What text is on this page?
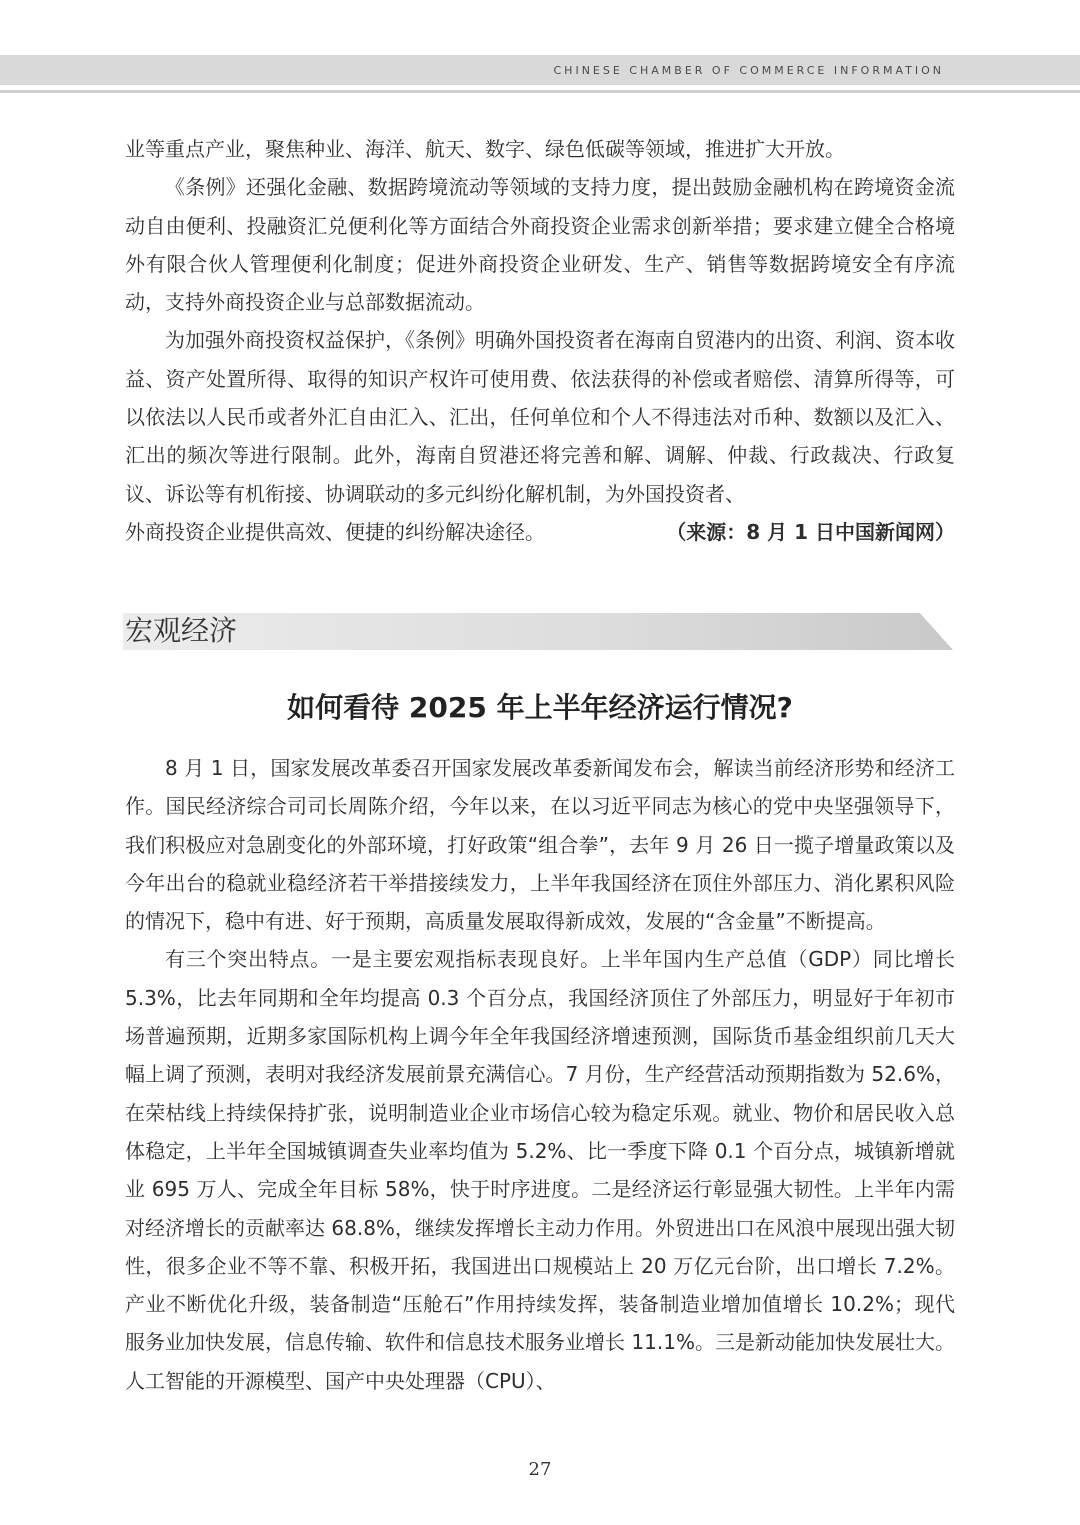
CHINESE CHAMBER OF COMMERCE INFORMATION

业等重点产业，聚焦种业、海洋、航天、数字、绿色低碳等领域，推进扩大开放。

《条例》还强化金融、数据跨境流动等领域的支持力度，提出鼓励金融机构在跨境资金流动自由便利、投融资汇兑便利化等方面结合外商投资企业需求创新举措；要求建立健全合格境外有限合伙人管理便利化制度；促进外商投资企业研发、生产、销售等数据跨境安全有序流动，支持外商投资企业与总部数据流动。

为加强外商投资权益保护，《条例》明确外国投资者在海南自贸港内的出资、利润、资本收益、资产处置所得、取得的知识产权许可使用费、依法获得的补偿或者赔偿、清算所得等，可以依法以人民币或者外汇自由汇入、汇出，任何单位和个人不得违法对币种、数额以及汇入、汇出的频次等进行限制。此外，海南自贸港还将完善和解、调解、仲裁、行政裁决、行政复议、诉讼等有机衔接、协调联动的多元纠纷化解机制，为外国投资者、

外商投资企业提供高效、便捷的纠纷解决途径。	（来源：8 月 1 日中国新闻网）
宏观经济
如何看待 2025 年上半年经济运行情况?

8 月 1 日，国家发展改革委召开国家发展改革委新闻发布会，解读当前经济形势和经济工作。国民经济综合司司长周陈介绍，今年以来，在以习近平同志为核心的党中央坚强领导下，我们积极应对急剧变化的外部环境，打好政策“组合拳”，去年 9 月 26 日一揽子增量政策以及今年出台的稳就业稳经济若干举措接续发力，上半年我国经济在顶住外部压力、消化累积风险的情况下，稳中有进、好于预期，高质量发展取得新成效，发展的“含金量”不断提高。

有三个突出特点。一是主要宏观指标表现良好。上半年国内生产总值（GDP）同比增长 5.3%，比去年同期和全年均提高 0.3 个百分点，我国经济顶住了外部压力，明显好于年初市场普遍预期，近期多家国际机构上调今年全年我国经济增速预测，国际货币基金组织前几天大幅上调了预测，表明对我经济发展前景充满信心。7 月份，生产经营活动预期指数为 52.6%，在荣枯线上持续保持扩张，说明制造业企业市场信心较为稳定乐观。就业、物价和居民收入总体稳定，上半年全国城镇调查失业率均值为 5.2%、比一季度下降 0.1 个百分点，城镇新增就业 695 万人、完成全年目标 58%，快于时序进度。二是经济运行彰显强大韧性。上半年内需对经济增长的贡献率达 68.8%，继续发挥增长主动力作用。外贸进出口在风浪中展现出强大韧性，很多企业不等不靠、积极开拓，我国进出口规模站上 20 万亿元台阶，出口增长 7.2%。产业不断优化升级，装备制造“压舱石”作用持续发挥，装备制造业增加值增长 10.2%；现代服务业加快发展，信息传输、软件和信息技术服务业增长 11.1%。三是新动能加快发展壮大。人工智能的开源模型、国产中央处理器（CPU）、

27
